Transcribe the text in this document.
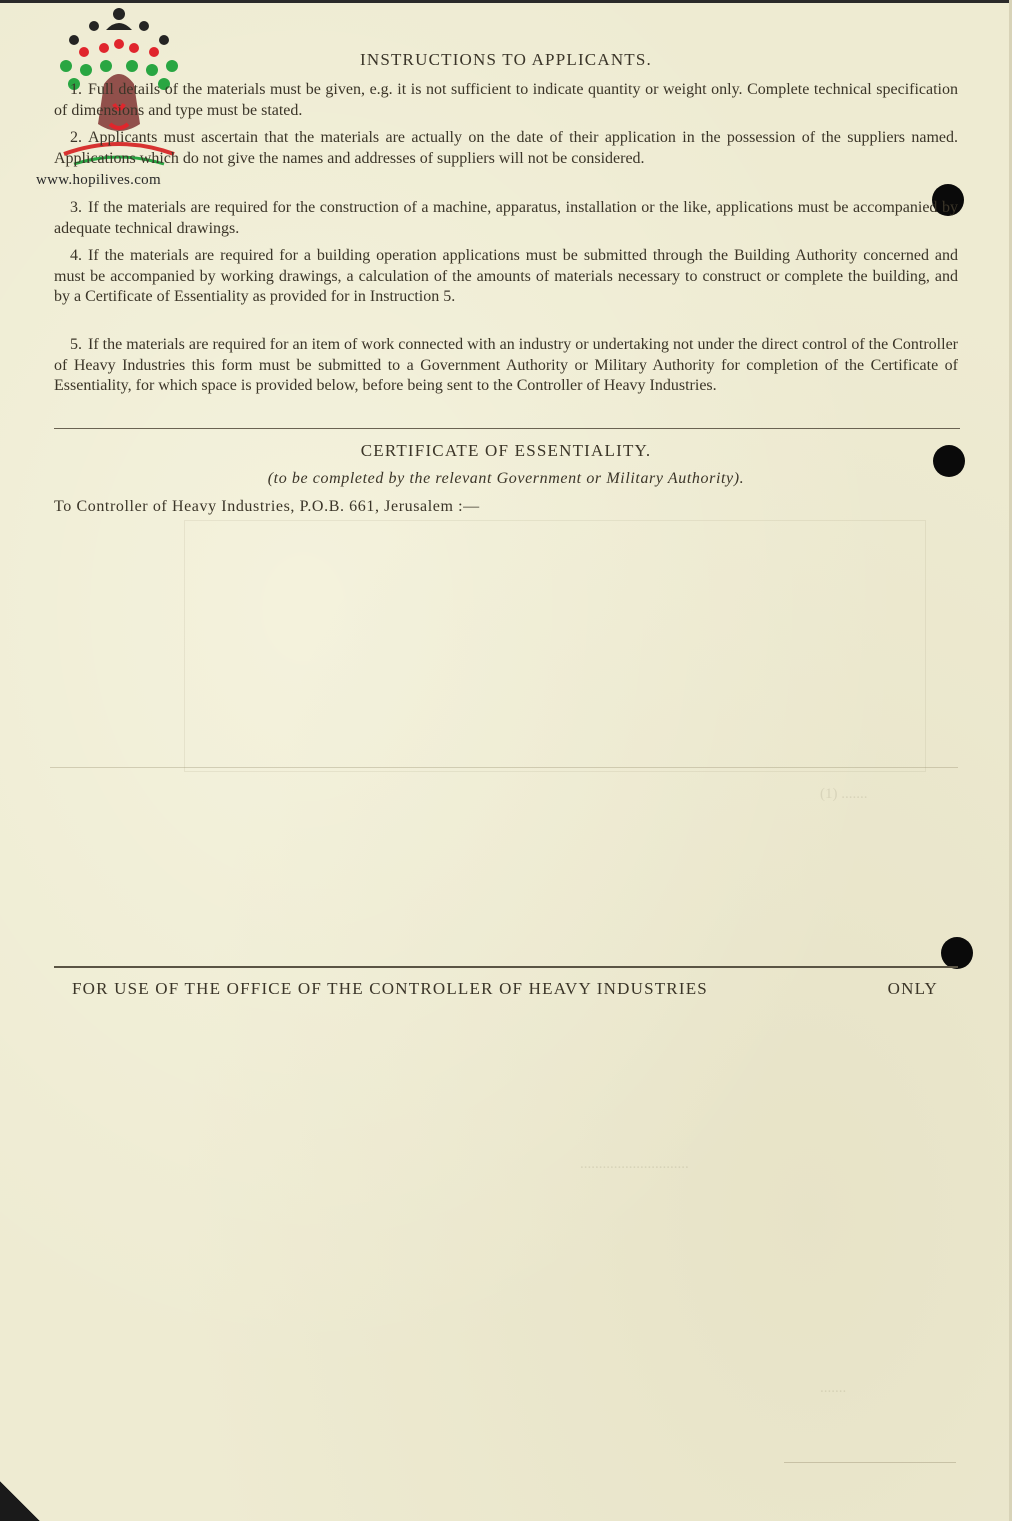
(1) .......
.............................
.......
www.hopilives.com
INSTRUCTIONS TO APPLICANTS.
1. Full details of the materials must be given, e.g. it is not sufficient to indicate quantity or weight only. Complete technical specification of dimensions and type must be stated.
2. Applicants must ascertain that the materials are actually on the date of their application in the possession of the suppliers named. Applications which do not give the names and addresses of suppliers will not be considered.
3. If the materials are required for the construction of a machine, apparatus, installation or the like, applications must be accompanied by adequate technical drawings.
4. If the materials are required for a building operation applications must be submitted through the Building Authority concerned and must be accompanied by working drawings, a calculation of the amounts of materials necessary to construct or complete the building, and by a Certificate of Essentiality as provided for in Instruction 5.
5. If the materials are required for an item of work connected with an industry or undertaking not under the direct control of the Controller of Heavy Industries this form must be submitted to a Government Authority or Military Authority for completion of the Certificate of Essentiality, for which space is provided below, before being sent to the Controller of Heavy Industries.
CERTIFICATE OF ESSENTIALITY.
(to be completed by the relevant Government or Military Authority).
To Controller of Heavy Industries, P.O.B. 661, Jerusalem :—
FOR USE OF THE OFFICE OF THE CONTROLLER OF HEAVY INDUSTRIES	ONLY
